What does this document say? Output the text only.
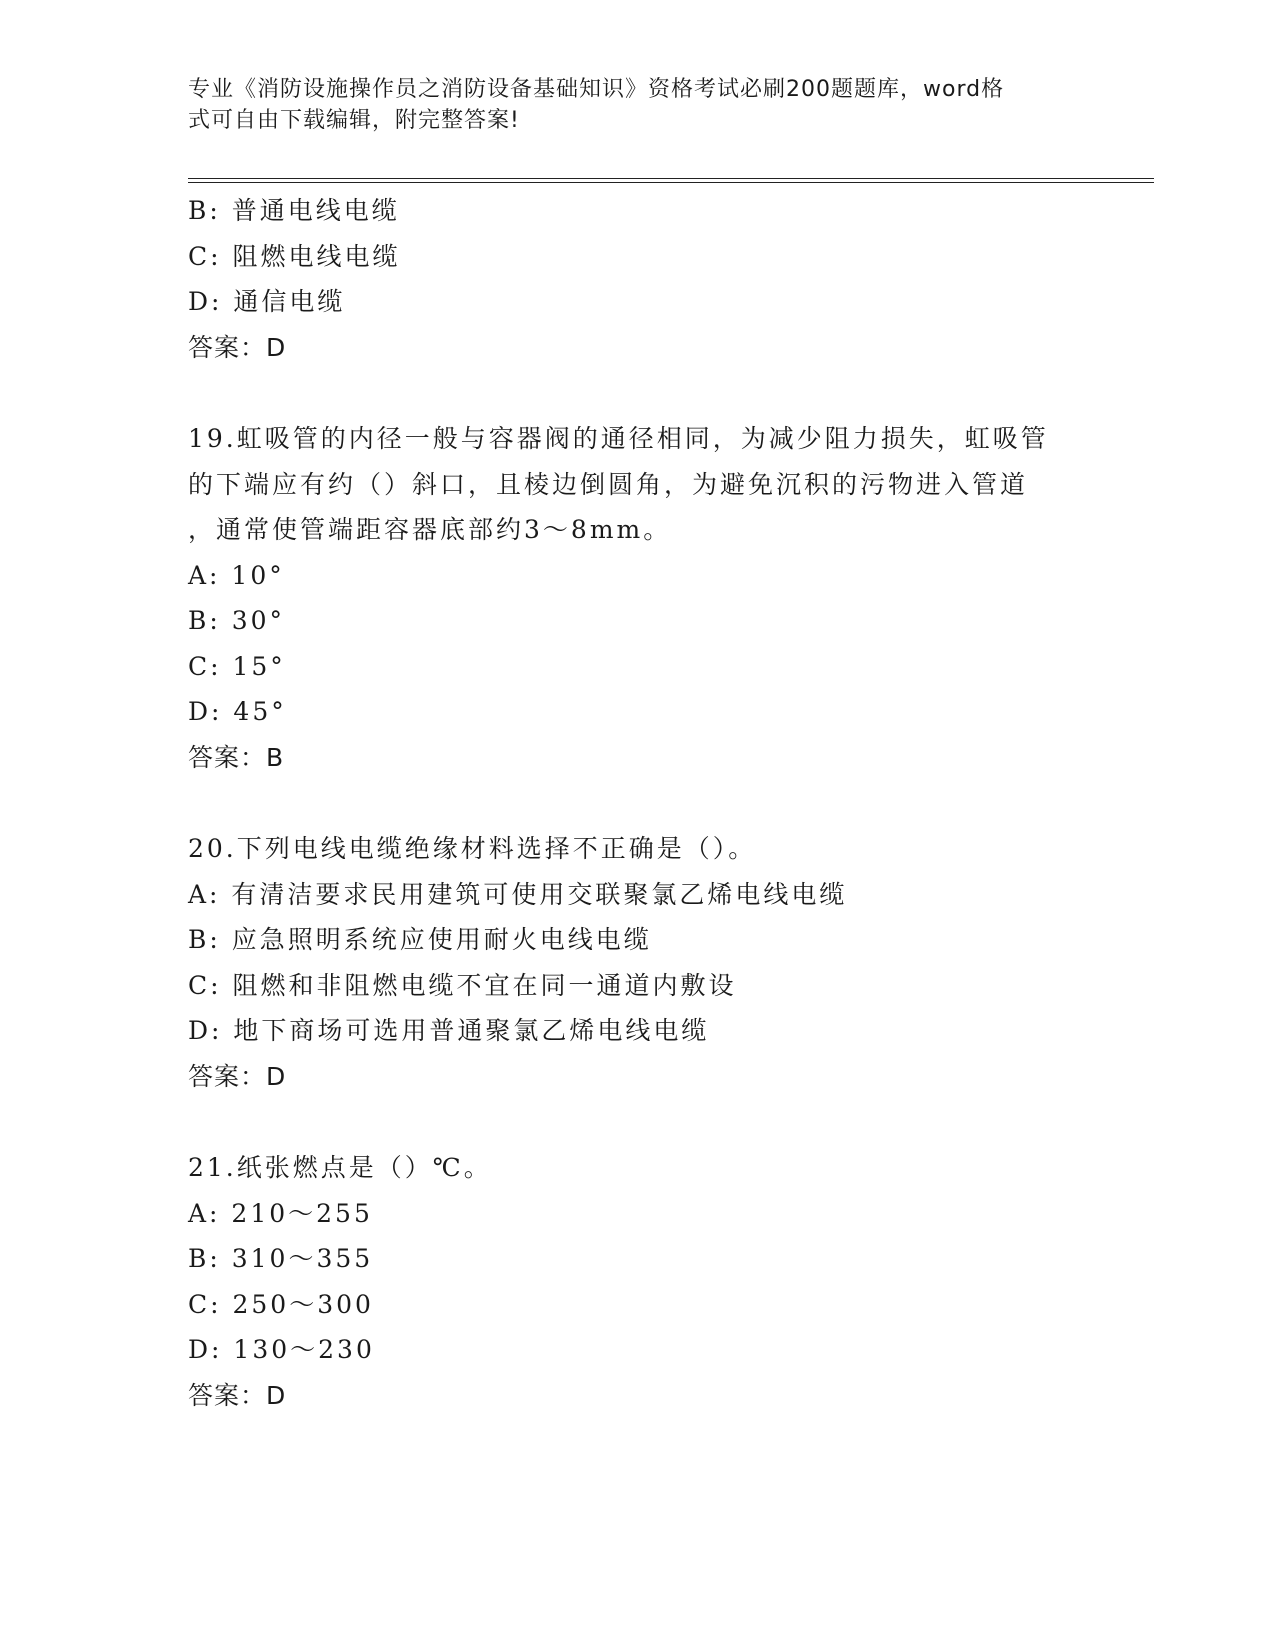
专业《消防设施操作员之消防设备基础知识》资格考试必刷200题题库，word格
式可自由下载编辑，附完整答案!
B: 普通电线电缆
C: 阻燃电线电缆
D: 通信电缆
答案：D
19.虹吸管的内径一般与容器阀的通径相同，为减少阻力损失，虹吸管
的下端应有约（）斜口，且棱边倒圆角，为避免沉积的污物进入管道
，通常使管端距容器底部约3～8mm。
A: 10°
B: 30°
C: 15°
D: 45°
答案：B
20.下列电线电缆绝缘材料选择不正确是（）。
A: 有清洁要求民用建筑可使用交联聚氯乙烯电线电缆
B: 应急照明系统应使用耐火电线电缆
C: 阻燃和非阻燃电缆不宜在同一通道内敷设
D: 地下商场可选用普通聚氯乙烯电线电缆
答案：D
21.纸张燃点是（）℃。
A: 210～255
B: 310～355
C: 250～300
D: 130～230
答案：D
